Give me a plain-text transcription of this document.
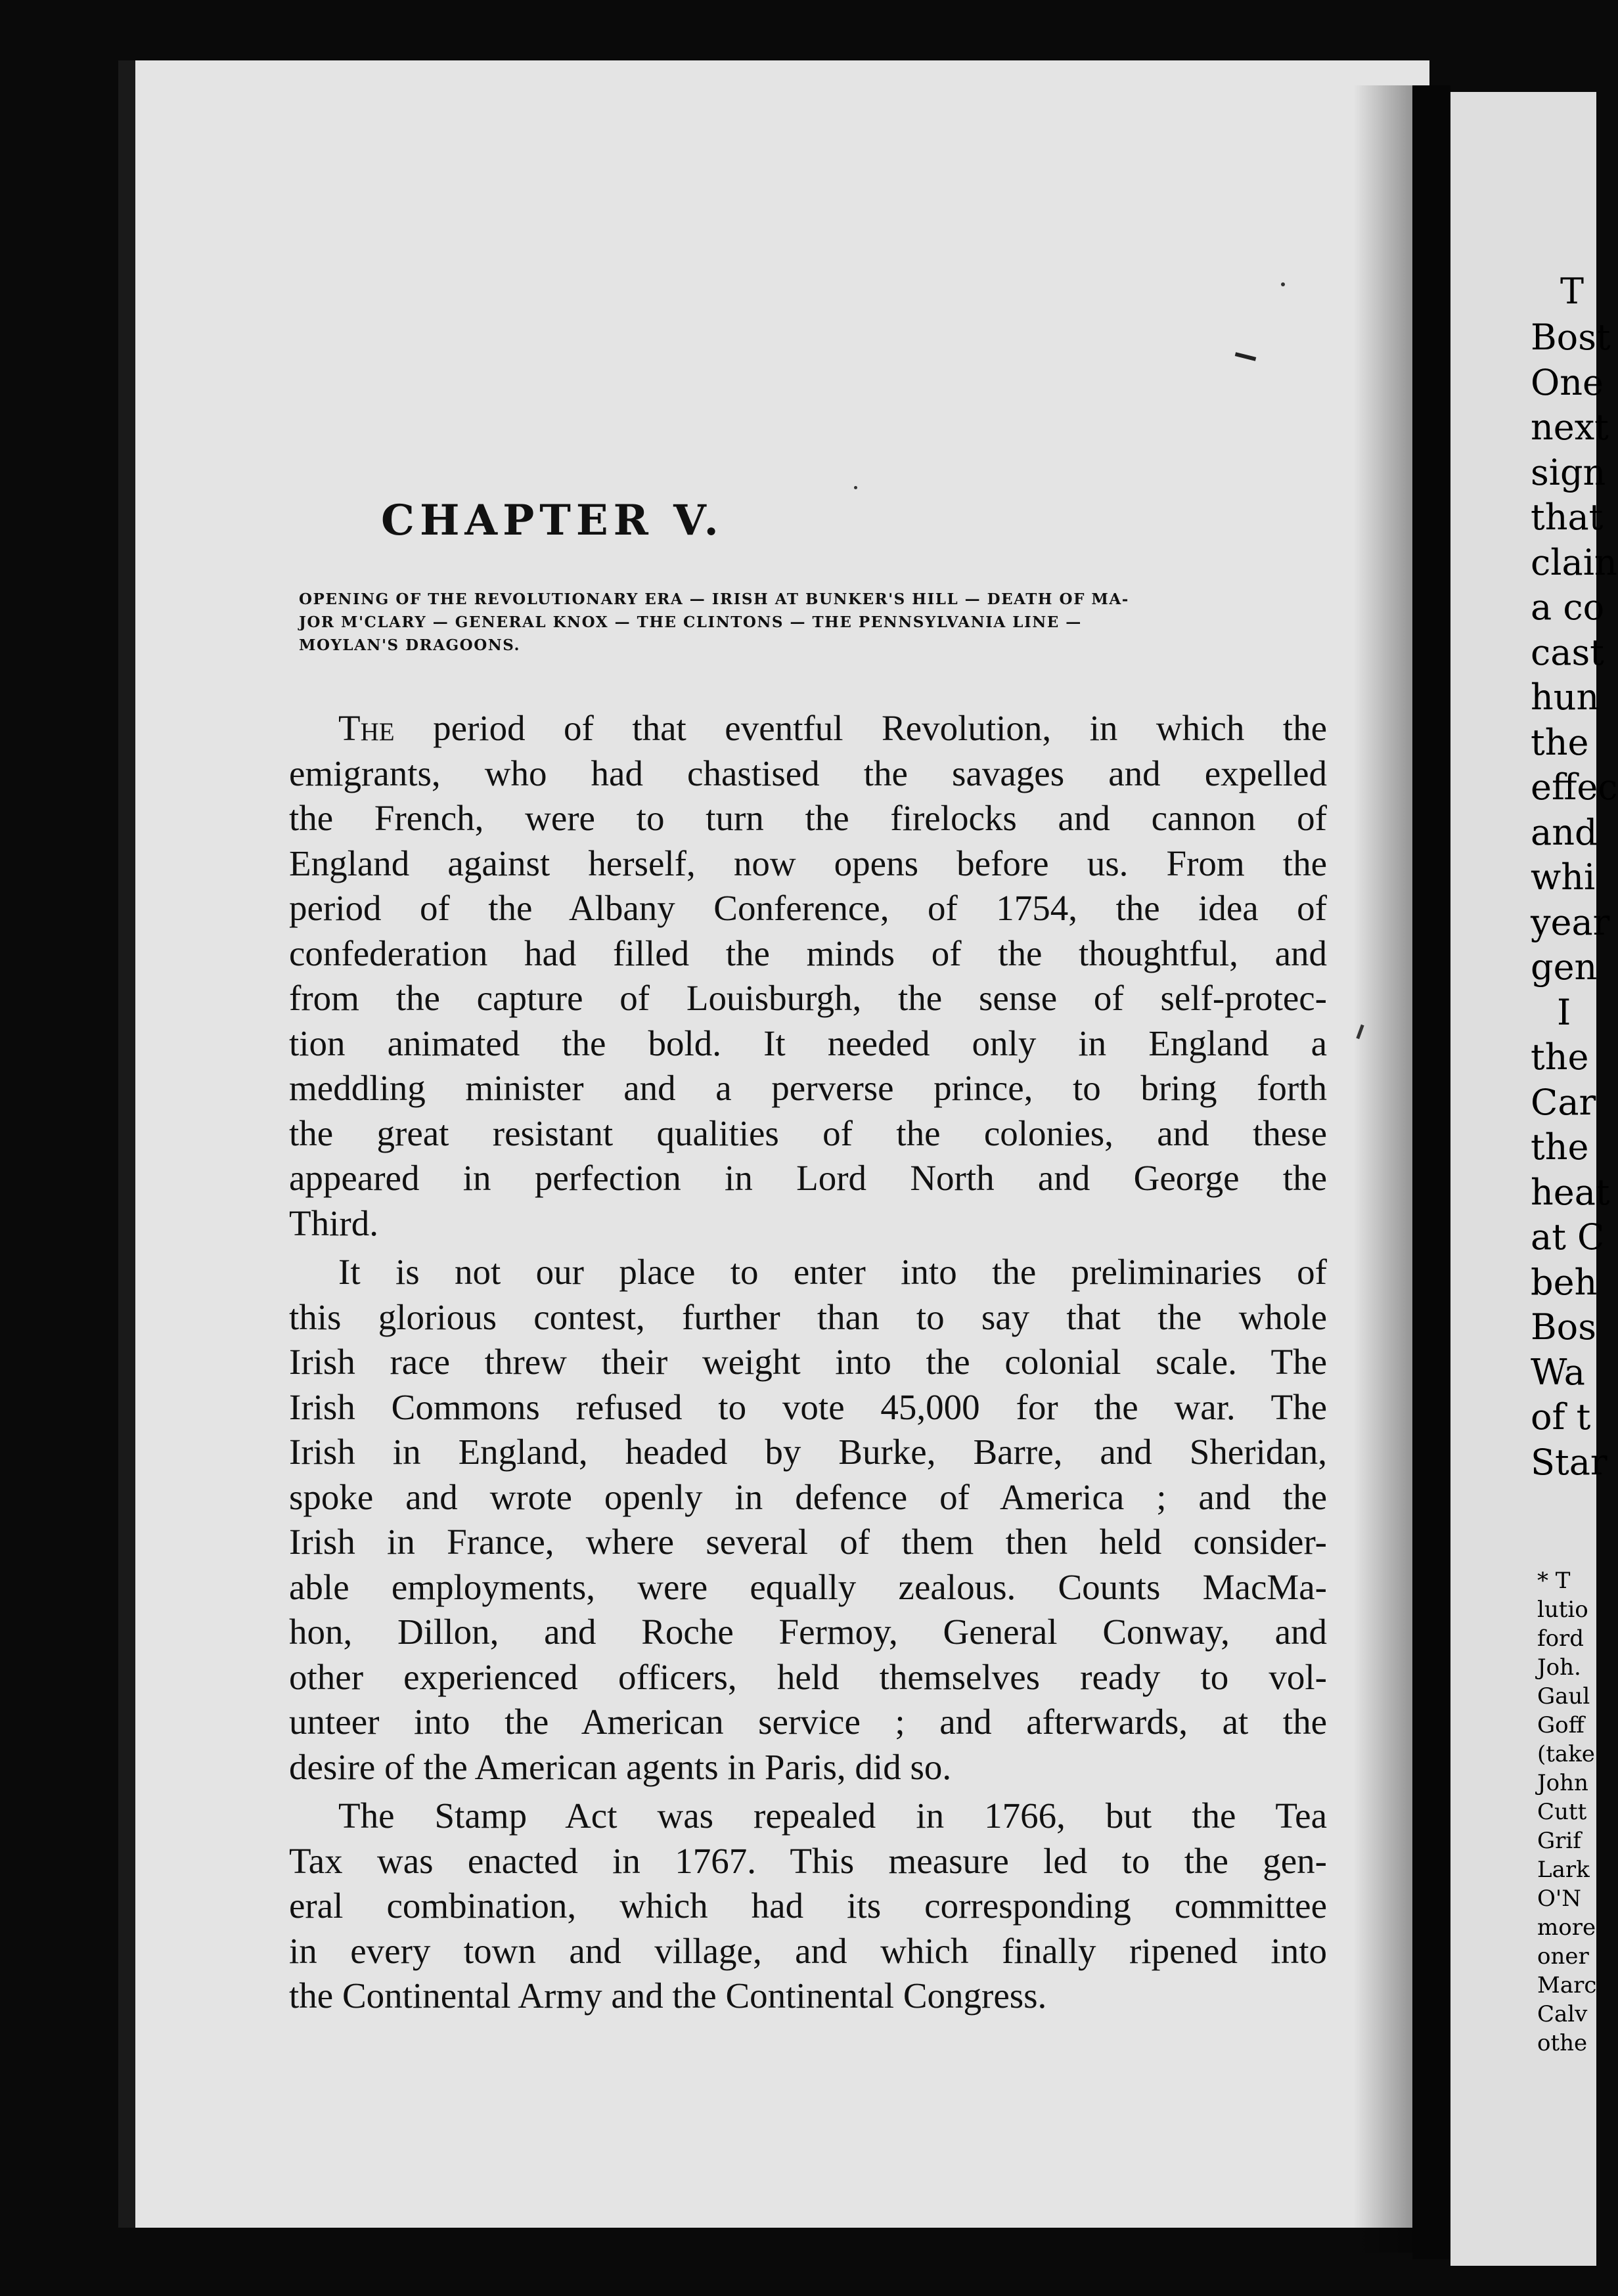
CHAPTER V.
OPENING OF THE REVOLUTIONARY ERA — IRISH AT BUNKER'S HILL — DEATH OF MA-
JOR M'CLARY — GENERAL KNOX — THE CLINTONS — THE PENNSYLVANIA LINE —
MOYLAN'S DRAGOONS.
The period of that eventful Revolution, in which the
emigrants, who had chastised the savages and expelled
the French, were to turn the firelocks and cannon of
England against herself, now opens before us. From the
period of the Albany Conference, of 1754, the idea of
confederation had filled the minds of the thoughtful, and
from the capture of Louisburgh, the sense of self-protec-
tion animated the bold. It needed only in England a
meddling minister and a perverse prince, to bring forth
the great resistant qualities of the colonies, and these
appeared in perfection in Lord North and George the
Third.
It is not our place to enter into the preliminaries of
this glorious contest, further than to say that the whole
Irish race threw their weight into the colonial scale. The
Irish Commons refused to vote 45,000 for the war. The
Irish in England, headed by Burke, Barre, and Sheridan,
spoke and wrote openly in defence of America ; and the
Irish in France, where several of them then held consider-
able employments, were equally zealous. Counts MacMa-
hon, Dillon, and Roche Fermoy, General Conway, and
other experienced officers, held themselves ready to vol-
unteer into the American service ; and afterwards, at the
desire of the American agents in Paris, did so.
The Stamp Act was repealed in 1766, but the Tea
Tax was enacted in 1767. This measure led to the gen-
eral combination, which had its corresponding committee
in every town and village, and which finally ripened into
the Continental Army and the Continental Congress.
T
Bost
One
next
sign
that
clain
a co
cast
hun
the
effec
and
whi
year
gen
I
the
Car
the
heat
at C
beh
Bos
Wa
of t
Star
* T
lutio
ford
Joh.
Gaul
Goff
(take
John
Cutt
Grif
Lark
O'N
more
oner
Marc
Calv
othe
